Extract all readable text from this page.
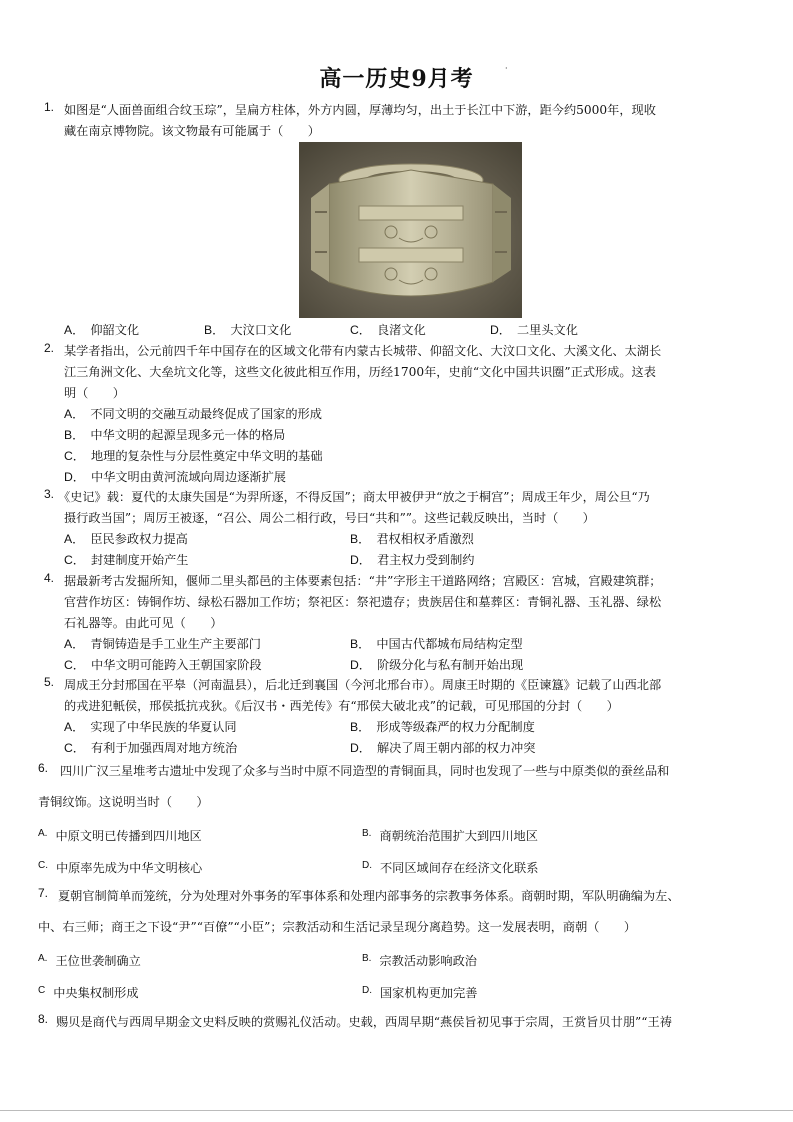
高一历史9月考	·
1. 如图是“人面兽面组合纹玉琮”，呈扁方柱体，外方内圆，厚薄均匀，出土于长江中下游，距今约5000年，现收
藏在南京博物院。该文物最有可能属于（　　）
A． 仰韶文化	B． 大汶口文化	C． 良渚文化	D． 二里头文化
2. 某学者指出，公元前四千年中国存在的区域文化带有内蒙古长城带、仰韶文化、大汶口文化、大溪文化、太湖长
江三角洲文化、大垒坑文化等，这些文化彼此相互作用，历经1700年，史前“文化中国共识圈”正式形成。这表
明（　　）
A． 不同文明的交融互动最终促成了国家的形成
B． 中华文明的起源呈现多元一体的格局
C． 地理的复杂性与分层性奠定中华文明的基础
D． 中华文明由黄河流域向周边逐渐扩展
3. 《史记》载：夏代的太康失国是“为羿所逐，不得反国”；商太甲被伊尹“放之于桐宫”；周成王年少，周公旦“乃
摄行政当国”；周厉王被逐，“召公、周公二相行政，号曰“共和””。这些记载反映出，当时（　　）
A． 臣民参政权力提高	B． 君权相权矛盾激烈
C． 封建制度开始产生	D． 君主权力受到制约
4. 据最新考古发掘所知，偃师二里头都邑的主体要素包括：“井”字形主干道路网络；宫殿区：宫城，宫殿建筑群；
官营作坊区：铸铜作坊、绿松石器加工作坊；祭祀区：祭祀遗存；贵族居住和墓葬区：青铜礼器、玉礼器、绿松
石礼器等。由此可见（　　）
A． 青铜铸造是手工业生产主要部门	B． 中国古代都城布局结构定型
C． 中华文明可能跨入王朝国家阶段	D． 阶级分化与私有制开始出现
5. 周成王分封邢国在平皋（河南温县），后北迁到襄国（今河北邢台市）。周康王时期的《臣谏簋》记载了山西北部
的戎进犯軝侯，邢侯抵抗戎狄。《后汉书・西羌传》有“邢侯大破北戎”的记载，可见邢国的分封（　　）
A． 实现了中华民族的华夏认同	B． 形成等级森严的权力分配制度
C． 有利于加强西周对地方统治	D． 解决了周王朝内部的权力冲突
6. 四川广汉三星堆考古遗址中发现了众多与当时中原不同造型的青铜面具，同时也发现了一些与中原类似的蚕丝品和
青铜纹饰。这说明当时（　　）
$^{A.}$ 中原文明已传播到四川地区	$^{B.}$ 商朝统治范围扩大到四川地区
$^{C.}$ 中原率先成为中华文明核心	$^{D.}$ 不同区域间存在经济文化联系
7. 夏朝官制简单而笼统，分为处理对外事务的军事体系和处理内部事务的宗教事务体系。商朝时期，军队明确编为左、
中、右三师；商王之下设“尹”“百僚”“小臣”；宗教活动和生活记录呈现分离趋势。这一发展表明，商朝（　　）
$^{A.}$ 王位世袭制确立	$^{B.}$ 宗教活动影响政治
$^C$ 中央集权制形成	$^{D.}$ 国家机构更加完善
8. 赐贝是商代与西周早期金文史料反映的赏赐礼仪活动。史载，西周早期“燕侯旨初见事于宗周，王赏旨贝廿朋”“王祷
